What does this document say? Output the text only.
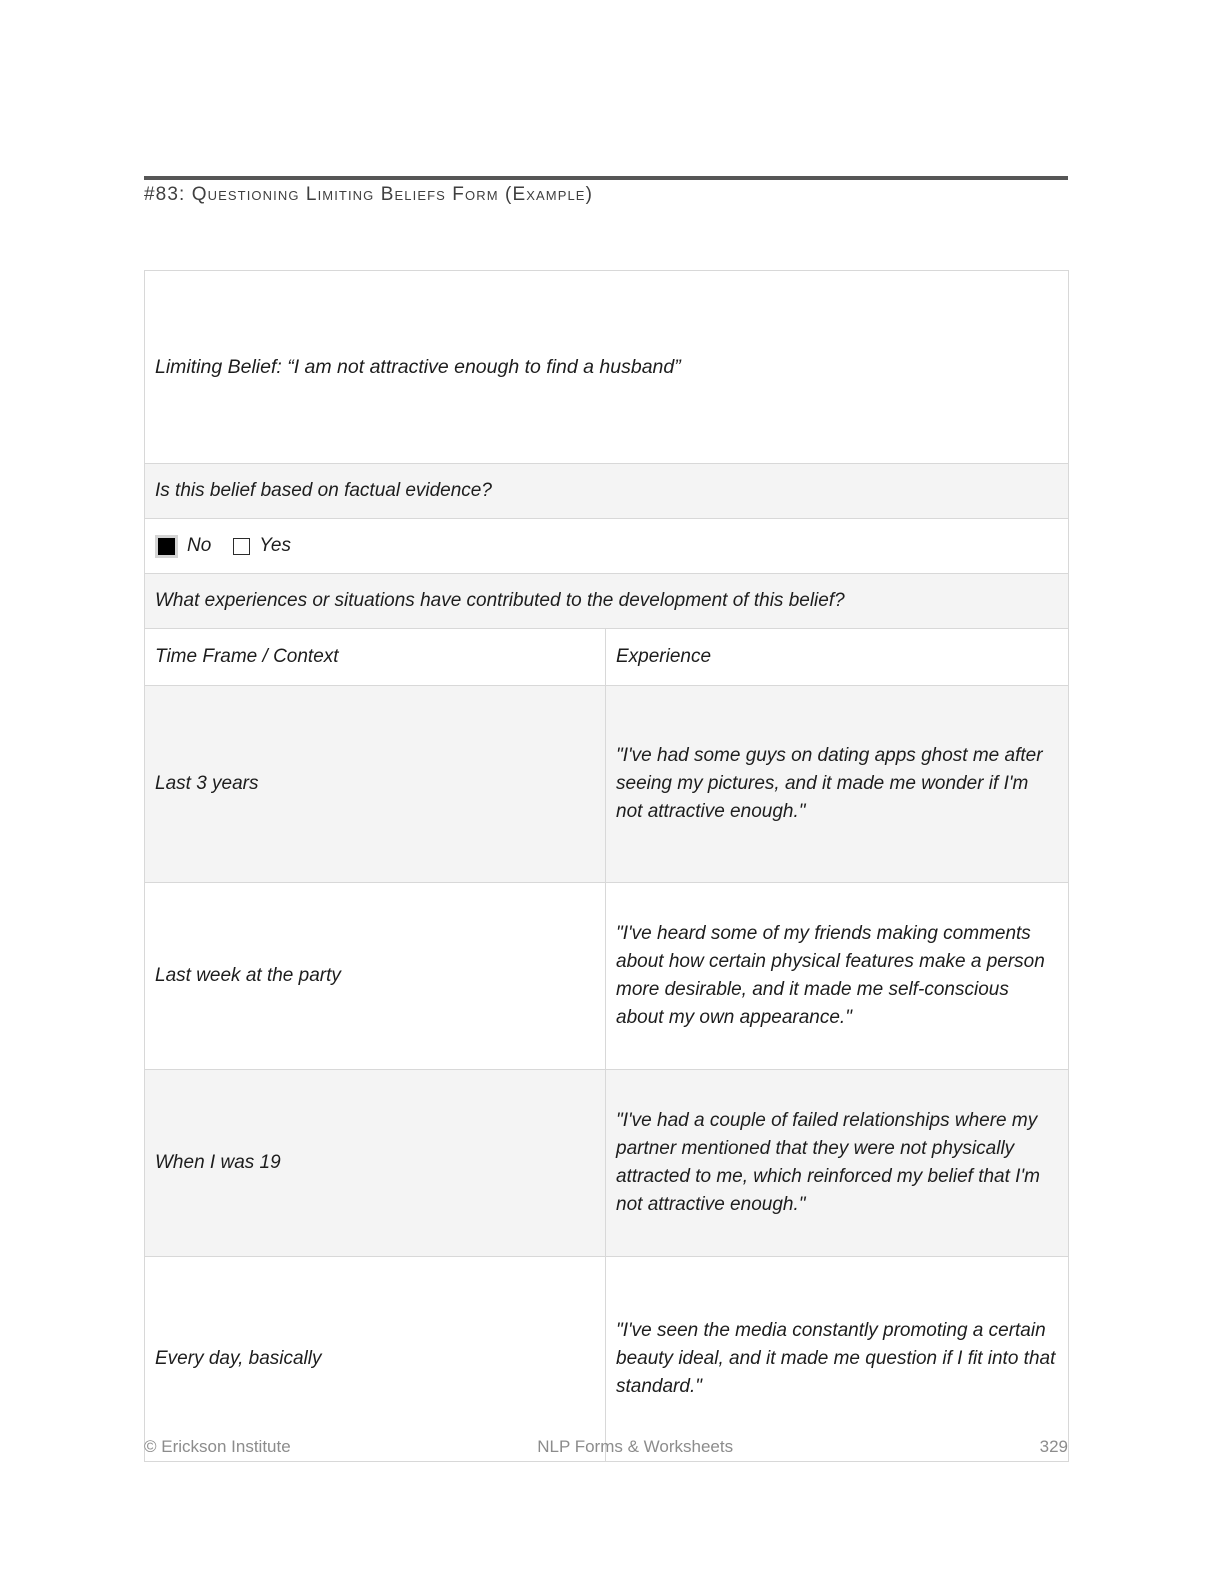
#83: Questioning Limiting Beliefs Form (Example)
Limiting Belief: “I am not attractive enough to find a husband”	
Is this belief based on factual evidence?	

No Yes	

What experiences or situations have contributed to the development of this belief?	
Time Frame / Context	Experience
Last 3 years	"I've had some guys on dating apps ghost me after seeing my pictures, and it made me wonder if I'm not attractive enough."
Last week at the party	"I've heard some of my friends making comments about how certain physical features make a person more desirable, and it made me self-conscious about my own appearance."
When I was 19	"I've had a couple of failed relationships where my partner mentioned that they were not physically attracted to me, which reinforced my belief that I'm not attractive enough."
Every day, basically	"I've seen the media constantly promoting a certain beauty ideal, and it made me question if I fit into that standard."
© Erickson Institute	NLP Forms & Worksheets	329
